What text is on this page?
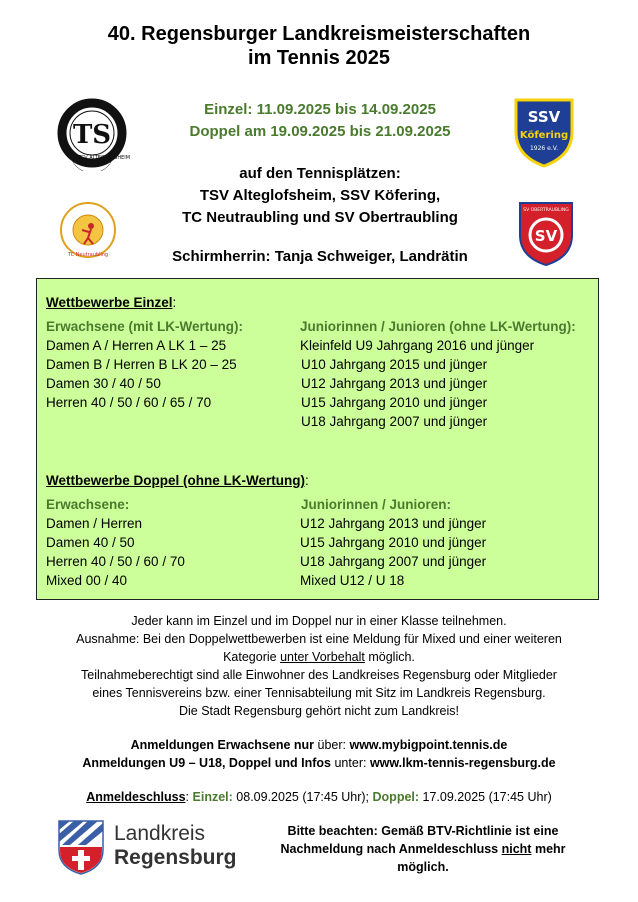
40. Regensburger Landkreismeisterschaften
im Tennis 2025
Einzel: 11.09.2025 bis 14.09.2025
Doppel am 19.09.2025 bis 21.09.2025
auf den Tennisplätzen:
TSV Alteglofsheim, SSV Köfering,
TC Neutraubling und SV Obertraubling
Schirmherrin: Tanja Schweiger, Landrätin
TS
TSV ALTEGLOFSHEIM
SSV
Köfering
1926 e.V.
TC Neutraubling
SV OBERTRAUBLING
SV
Wettbewerbe Einzel:
Erwachsene (mit LK-Wertung):	Juniorinnen / Junioren (ohne LK-Wertung):
Damen A / Herren A LK 1 – 25
Damen B / Herren B LK 20 – 25
Damen 30 / 40 / 50
Herren 40 / 50 / 60 / 65 / 70
Kleinfeld U9 Jahrgang 2016 und jünger
U10 Jahrgang 2015 und jünger
U12 Jahrgang 2013 und jünger
U15 Jahrgang 2010 und jünger
U18 Jahrgang 2007 und jünger
Wettbewerbe Doppel (ohne LK-Wertung):
Erwachsene:	Juniorinnen / Junioren:
Damen / Herren
Damen 40 / 50
Herren 40 / 50 / 60 / 70
Mixed 00 / 40
U12 Jahrgang 2013 und jünger
U15 Jahrgang 2010 und jünger
U18 Jahrgang 2007 und jünger
Mixed U12 / U 18
Jeder kann im Einzel und im Doppel nur in einer Klasse teilnehmen.
Ausnahme: Bei den Doppelwettbewerben ist eine Meldung für Mixed und einer weiteren
Kategorie unter Vorbehalt möglich.
Teilnahmeberechtigt sind alle Einwohner des Landkreises Regensburg oder Mitglieder
eines Tennisvereins bzw. einer Tennisabteilung mit Sitz im Landkreis Regensburg.
Die Stadt Regensburg gehört nicht zum Landkreis!
Anmeldungen Erwachsene nur über: www.mybigpoint.tennis.de
Anmeldungen U9 – U18, Doppel und Infos unter: www.lkm-tennis-regensburg.de
Anmeldeschluss: Einzel: 08.09.2025 (17:45 Uhr); Doppel: 17.09.2025 (17:45 Uhr)
Landkreis
Regensburg
Bitte beachten: Gemäß BTV-Richtlinie ist eine
Nachmeldung nach Anmeldeschluss nicht mehr
möglich.
